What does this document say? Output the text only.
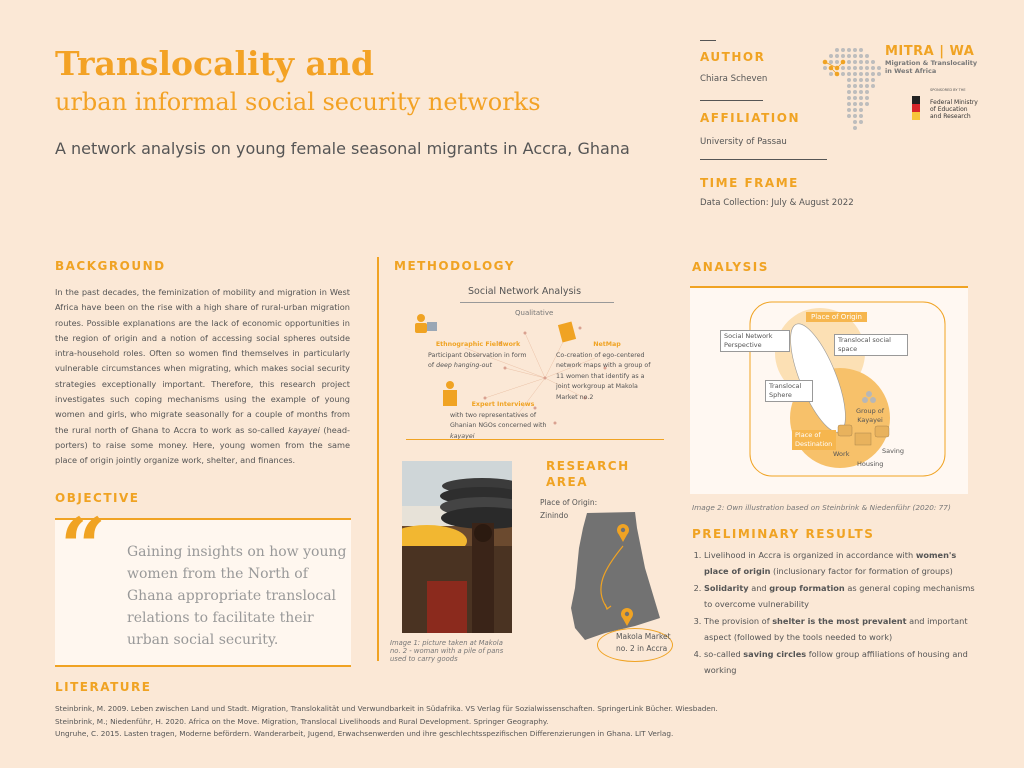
Translocality and
urban informal social security networks
A network analysis on young female seasonal migrants in Accra, Ghana
AUTHOR
Chiara Scheven
AFFILIATION
University of Passau
TIME FRAME
Data Collection: July & August 2022
MITRA | WA
Migration & Translocality
in West Africa
SPONSORED BY THE
Federal Ministry
of Education
and Research
BACKGROUND
In the past decades, the feminization of mobility and migration in West Africa have been on the rise with a high share of rural-urban migration routes. Possible explanations are the lack of economic opportunities in the region of origin and a notion of accessing social spheres outside intra-household roles. Often so women find themselves in particularly vulnerable circumstances when migrating, which makes social security strategies exceptionally important. Therefore, this research project investigates such coping mechanisms using the example of young women and girls, who migrate seasonally for a couple of months from the rural north of Ghana to Accra to work as so-called kayayei (head-porters) to raise some money. Here, young women from the same place of origin jointly organize work, shelter, and finances.
OBJECTIVE
“ Gaining insights on how young women from the North of Ghana appropriate translocal relations to facilitate their urban social security.
METHODOLOGY
Social Network Analysis
Qualitative
Ethnographic Fieldwork
Participant Observation in form of deep hanging-out
NetMap
Co-creation of ego-centered network maps with a group of 11 women that identify as a joint workgroup at Makola Market no.2
Expert Interviews
with two representatives of Ghanian NGOs concerned with kayayei
Image 1: picture taken at Makola no. 2 - woman with a pile of pans used to carry goods
RESEARCH
AREA
Place of Origin: Zinindo
Makola Market no. 2 in Accra
ANALYSIS
Place of Origin
Social Network Perspective
Translocal social space
Translocal Sphere
Group of Kayayei
Place of Destination
Work
Housing
Saving
Image 2: Own illustration based on Steinbrink & Niedenführ (2020: 77)
PRELIMINARY RESULTS
1. Livelihood in Accra is organized in accordance with women's place of origin (inclusionary factor for formation of groups)
2. Solidarity and group formation as general coping mechanisms to overcome vulnerability
3. The provision of shelter is the most prevalent and important aspect (followed by the tools needed to work)
4. so-called saving circles follow group affiliations of housing and working
LITERATURE
Steinbrink, M. 2009. Leben zwischen Land und Stadt. Migration, Translokalität und Verwundbarkeit in Südafrika. VS Verlag für Sozialwissenschaften. SpringerLink Bücher. Wiesbaden.
Steinbrink, M.; Niedenführ, H. 2020. Africa on the Move. Migration, Translocal Livelihoods and Rural Development. Springer Geography.
Ungruhe, C. 2015. Lasten tragen, Moderne befördern. Wanderarbeit, Jugend, Erwachsenwerden und ihre geschlechtsspezifischen Differenzierungen in Ghana. LIT Verlag.
